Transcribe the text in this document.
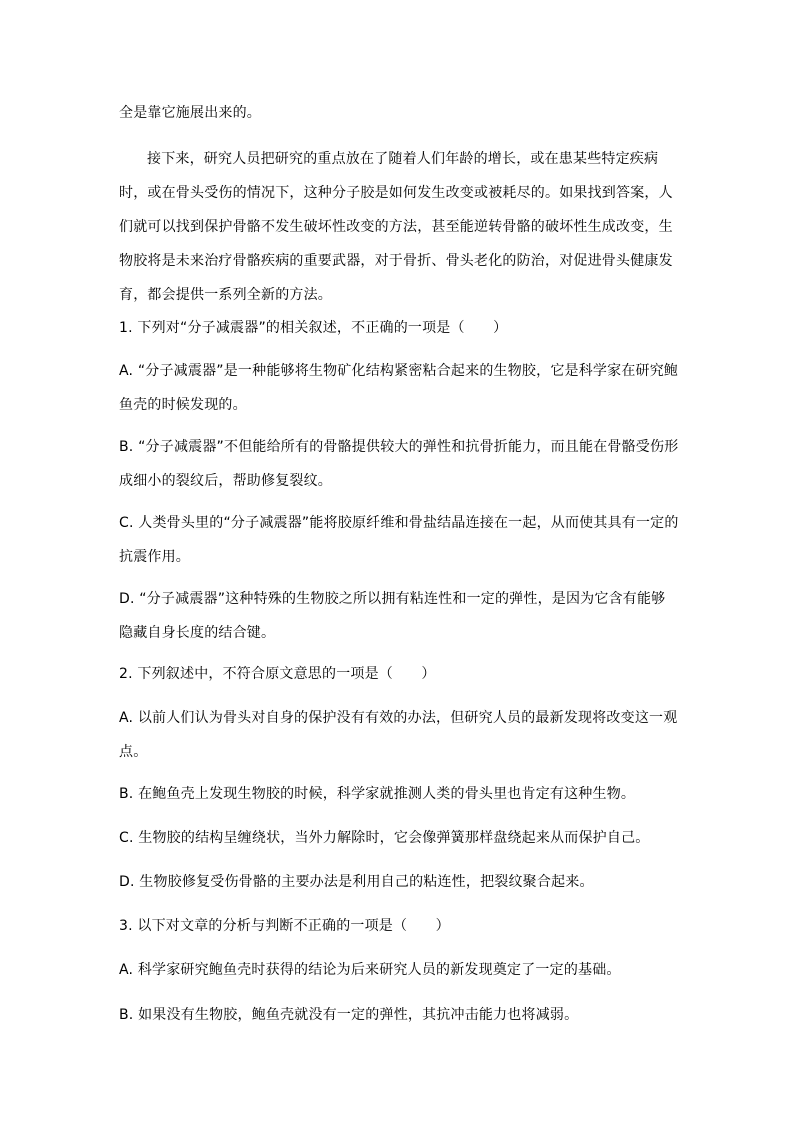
全是靠它施展出来的。

接下来，研究人员把研究的重点放在了随着人们年龄的增长，或在患某些特定疾病时，或在骨头受伤的情况下，这种分子胶是如何发生改变或被耗尽的。如果找到答案，人们就可以找到保护骨骼不发生破坏性改变的方法，甚至能逆转骨骼的破坏性生成改变，生物胶将是未来治疗骨骼疾病的重要武器，对于骨折、骨头老化的防治，对促进骨头健康发育，都会提供一系列全新的方法。

1. 下列对“分子减震器”的相关叙述，不正确的一项是（　　）

A. “分子减震器”是一种能够将生物矿化结构紧密粘合起来的生物胶，它是科学家在研究鲍鱼壳的时候发现的。

B. “分子减震器”不但能给所有的骨骼提供较大的弹性和抗骨折能力，而且能在骨骼受伤形成细小的裂纹后，帮助修复裂纹。

C. 人类骨头里的“分子减震器”能将胶原纤维和骨盐结晶连接在一起，从而使其具有一定的抗震作用。

D. “分子减震器”这种特殊的生物胶之所以拥有粘连性和一定的弹性，是因为它含有能够隐藏自身长度的结合键。

2. 下列叙述中，不符合原文意思的一项是（　　）

A. 以前人们认为骨头对自身的保护没有有效的办法，但研究人员的最新发现将改变这一观点。

B. 在鲍鱼壳上发现生物胶的时候，科学家就推测人类的骨头里也肯定有这种生物。

C. 生物胶的结构呈缠绕状，当外力解除时，它会像弹簧那样盘绕起来从而保护自己。

D. 生物胶修复受伤骨骼的主要办法是利用自己的粘连性，把裂纹聚合起来。

3. 以下对文章的分析与判断不正确的一项是（　　）

A. 科学家研究鲍鱼壳时获得的结论为后来研究人员的新发现奠定了一定的基础。

B. 如果没有生物胶，鲍鱼壳就没有一定的弹性，其抗冲击能力也将减弱。
